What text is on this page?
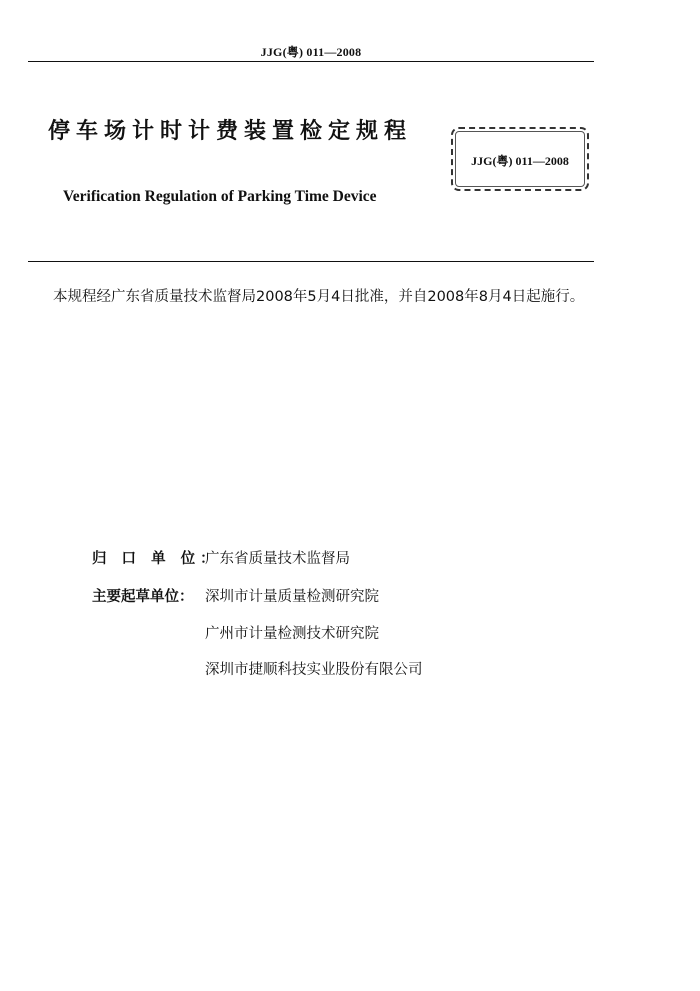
JJG(粤) 011—2008
停车场计时计费装置检定规程
Verification Regulation of Parking Time Device
JJG(粤) 011—2008

本规程经广东省质量技术监督局2008年5月4日批准，并自2008年8月4日起施行。

归 口 单 位：广东省质量技术监督局
主要起草单位： 深圳市计量质量检测研究院
广州市计量检测技术研究院
深圳市捷顺科技实业股份有限公司
